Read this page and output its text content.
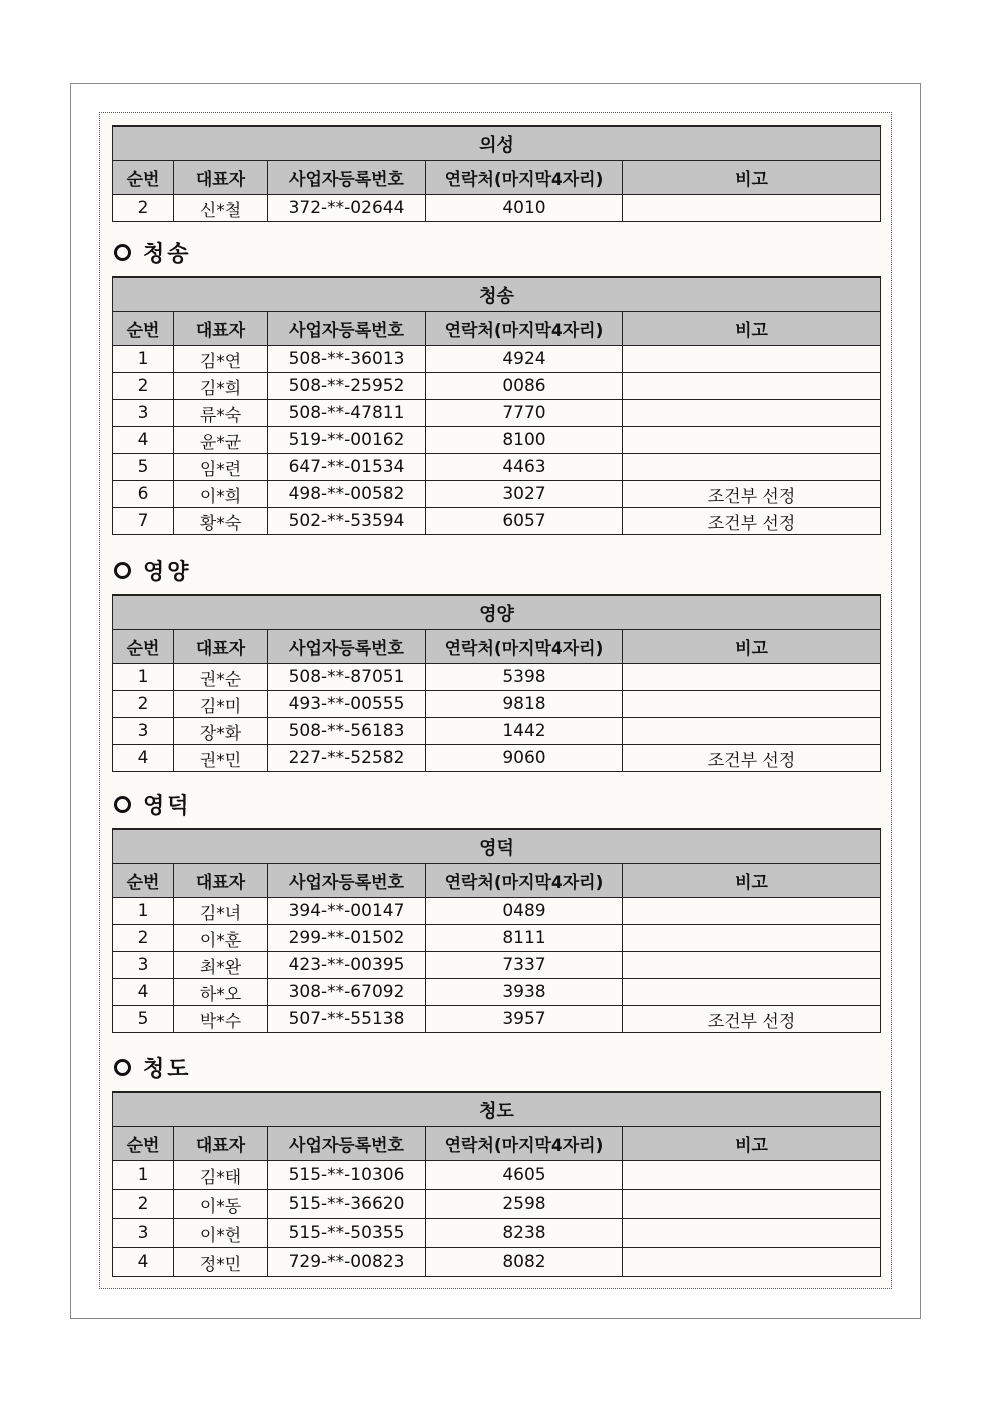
의성				
순번	대표자	사업자등록번호	연락처(마지막4자리)	비고
2	신*철	372-**-02644	4010	
청송
청송				
순번	대표자	사업자등록번호	연락처(마지막4자리)	비고
1	김*연	508-**-36013	4924	
2	김*희	508-**-25952	0086	
3	류*숙	508-**-47811	7770	
4	윤*균	519-**-00162	8100	
5	임*련	647-**-01534	4463	
6	이*희	498-**-00582	3027	조건부 선정
7	황*숙	502-**-53594	6057	조건부 선정
영양
영양				
순번	대표자	사업자등록번호	연락처(마지막4자리)	비고
1	권*순	508-**-87051	5398	
2	김*미	493-**-00555	9818	
3	장*화	508-**-56183	1442	
4	권*민	227-**-52582	9060	조건부 선정
영덕
영덕				
순번	대표자	사업자등록번호	연락처(마지막4자리)	비고
1	김*녀	394-**-00147	0489	
2	이*훈	299-**-01502	8111	
3	최*완	423-**-00395	7337	
4	하*오	308-**-67092	3938	
5	박*수	507-**-55138	3957	조건부 선정
청도
청도				
순번	대표자	사업자등록번호	연락처(마지막4자리)	비고
1	김*태	515-**-10306	4605	
2	이*동	515-**-36620	2598	
3	이*헌	515-**-50355	8238	
4	정*민	729-**-00823	8082	
